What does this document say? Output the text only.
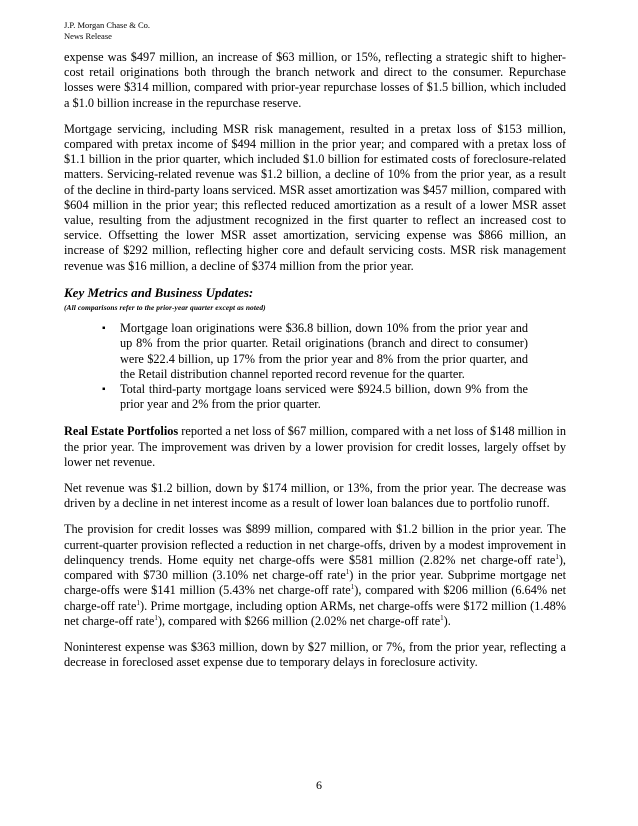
J.P. Morgan Chase & Co.
News Release

expense was $497 million, an increase of $63 million, or 15%, reflecting a strategic shift to higher-cost retail originations both through the branch network and direct to the consumer. Repurchase losses were $314 million, compared with prior-year repurchase losses of $1.5 billion, which included a $1.0 billion increase in the repurchase reserve.

Mortgage servicing, including MSR risk management, resulted in a pretax loss of $153 million, compared with pretax income of $494 million in the prior year; and compared with a pretax loss of $1.1 billion in the prior quarter, which included $1.0 billion for estimated costs of foreclosure-related matters. Servicing-related revenue was $1.2 billion, a decline of 10% from the prior year, as a result of the decline in third-party loans serviced. MSR asset amortization was $457 million, compared with $604 million in the prior year; this reflected reduced amortization as a result of a lower MSR asset value, resulting from the adjustment recognized in the first quarter to reflect an increased cost to service. Offsetting the lower MSR asset amortization, servicing expense was $866 million, an increase of $292 million, reflecting higher core and default servicing costs. MSR risk management revenue was $16 million, a decline of $374 million from the prior year.

Key Metrics and Business Updates:
(All comparisons refer to the prior-year quarter except as noted)
▪ Mortgage loan originations were $36.8 billion, down 10% from the prior year and up 8% from the prior quarter. Retail originations (branch and direct to consumer) were $22.4 billion, up 17% from the prior year and 8% from the prior quarter, and the Retail distribution channel reported record revenue for the quarter.
▪ Total third-party mortgage loans serviced were $924.5 billion, down 9% from the prior year and 2% from the prior quarter.

Real Estate Portfolios reported a net loss of $67 million, compared with a net loss of $148 million in the prior year. The improvement was driven by a lower provision for credit losses, largely offset by lower net revenue.

Net revenue was $1.2 billion, down by $174 million, or 13%, from the prior year. The decrease was driven by a decline in net interest income as a result of lower loan balances due to portfolio runoff.

The provision for credit losses was $899 million, compared with $1.2 billion in the prior year. The current-quarter provision reflected a reduction in net charge-offs, driven by a modest improvement in delinquency trends. Home equity net charge-offs were $581 million (2.82% net charge-off rate$^1$), compared with $730 million (3.10% net charge-off rate$^1$) in the prior year. Subprime mortgage net charge-offs were $141 million (5.43% net charge-off rate$^1$), compared with $206 million (6.64% net charge-off rate$^1$). Prime mortgage, including option ARMs, net charge-offs were $172 million (1.48% net charge-off rate$^1$), compared with $266 million (2.02% net charge-off rate$^1$).

Noninterest expense was $363 million, down by $27 million, or 7%, from the prior year, reflecting a decrease in foreclosed asset expense due to temporary delays in foreclosure activity.

6
